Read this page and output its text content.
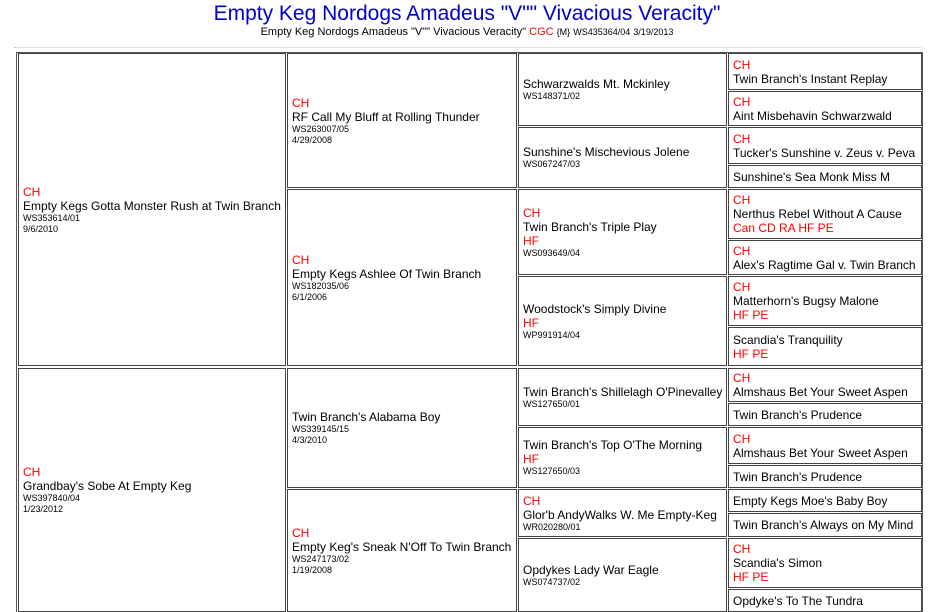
Empty Keg Nordogs Amadeus "V"" Vivacious Veracity"
Empty Keg Nordogs Amadeus "V"" Vivacious Veracity" CGC {M} WS435364/04 3/19/2013
CH
Empty Kegs Gotta Monster Rush at Twin Branch
WS353614/01
9/6/2010
CH
Grandbay's Sobe At Empty Keg
WS397840/04
1/23/2012
CH
RF Call My Bluff at Rolling Thunder
WS263007/05
4/29/2008
CH
Empty Kegs Ashlee Of Twin Branch
WS182035/06
6/1/2006
Twin Branch's Alabama Boy
WS339145/15
4/3/2010
CH
Empty Keg's Sneak N'Off To Twin Branch
WS247173/02
1/19/2008
Schwarzwalds Mt. Mckinley
WS148371/02
Sunshine's Mischevious Jolene
WS067247/03
CH
Twin Branch's Triple Play
HF
WS093649/04
Woodstock's Simply Divine
HF
WP991914/04
Twin Branch's Shillelagh O'Pinevalley
WS127650/01
Twin Branch's Top O'The Morning
HF
WS127650/03
CH
Glor'b AndyWalks W. Me Empty-Keg
WR020280/01
Opdykes Lady War Eagle
WS074737/02
CH
Twin Branch's Instant Replay
CH
Aint Misbehavin Schwarzwald
CH
Tucker's Sunshine v. Zeus v. Peva
Sunshine's Sea Monk Miss M
CH
Nerthus Rebel Without A Cause
Can CD RA HF PE
CH
Alex's Ragtime Gal v. Twin Branch
CH
Matterhorn's Bugsy Malone
HF PE
Scandia's Tranquility
HF PE
CH
Almshaus Bet Your Sweet Aspen
Twin Branch's Prudence
CH
Almshaus Bet Your Sweet Aspen
Twin Branch's Prudence
Empty Kegs Moe's Baby Boy
Twin Branch's Always on My Mind
CH
Scandia's Simon
HF PE
Opdyke's To The Tundra
